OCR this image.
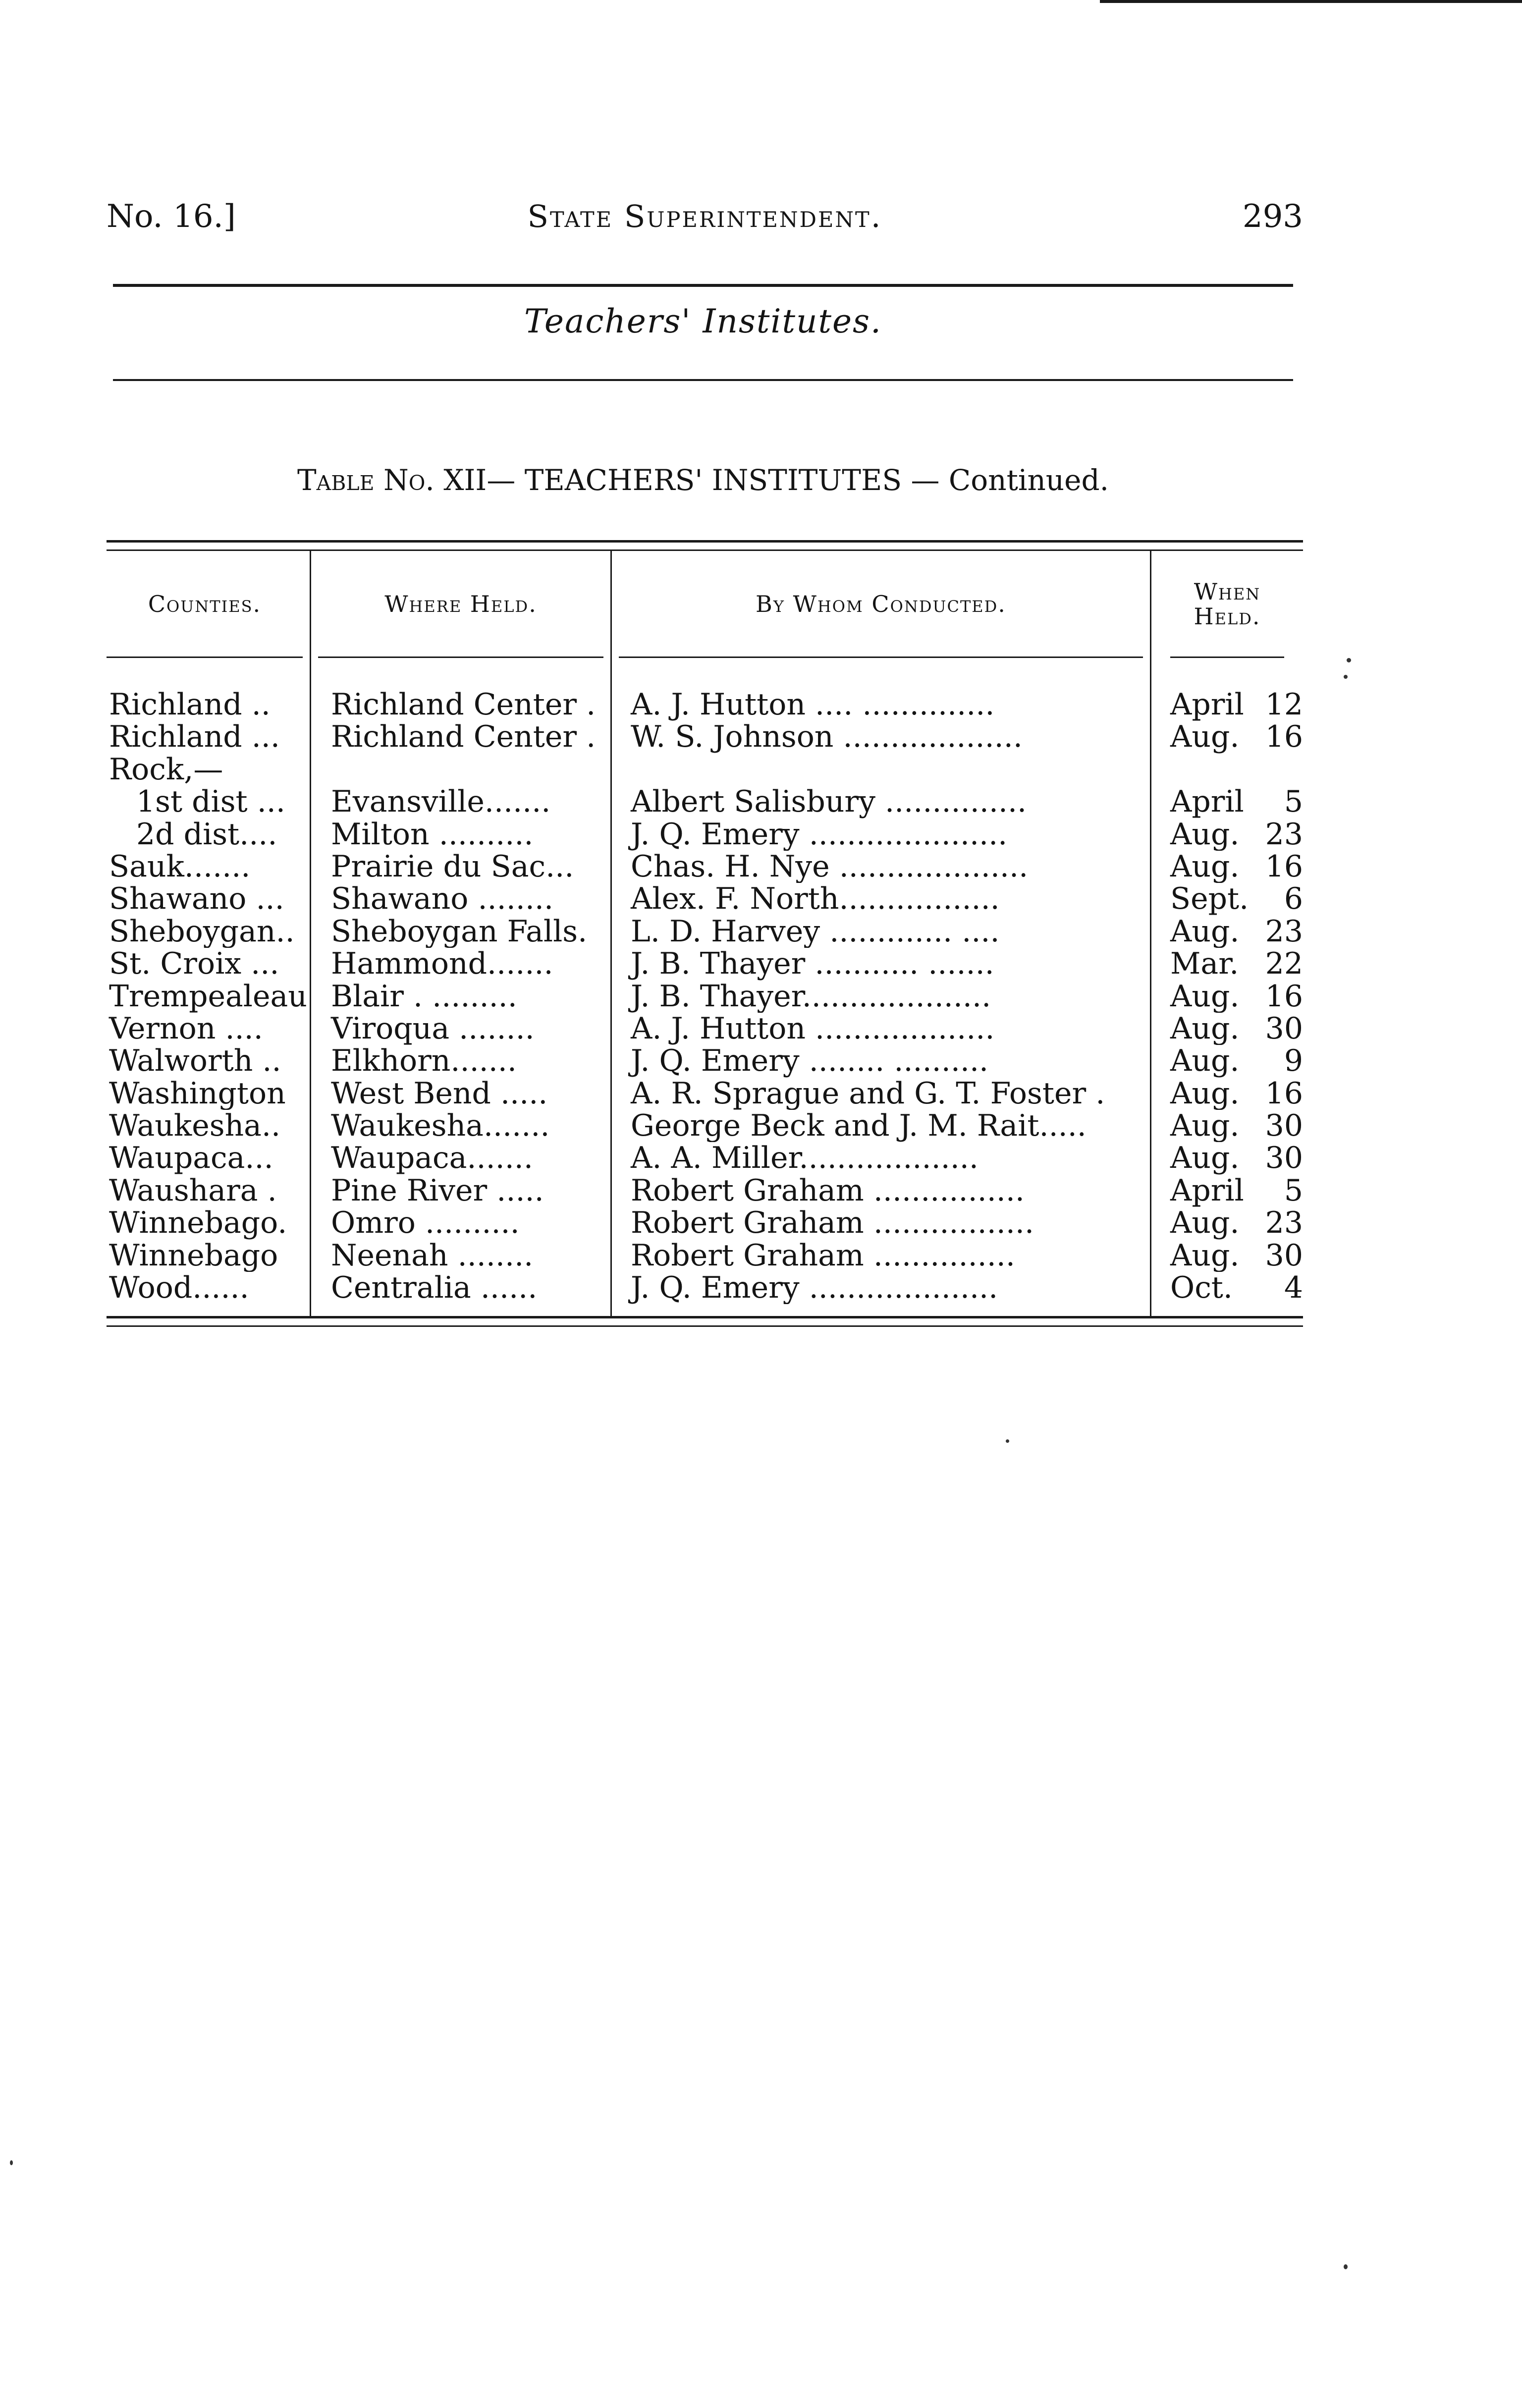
No. 16.]	State Superintendent.	293
Teachers' Institutes.
Table No. XII— TEACHERS' INSTITUTES — Continued.
Counties.
Richland ..
Richland ...
Rock,—
1st dist ...
2d dist....
Sauk.......
Shawano ...
Sheboygan..
St. Croix ...
Trempealeau
Vernon ....
Walworth ..
Washington
Waukesha..
Waupaca...
Waushara .
Winnebago.
Winnebago
Wood......
Where Held.
Richland Center .
Richland Center .
Evansville.......
Milton ..........
Prairie du Sac...
Shawano ........
Sheboygan Falls.
Hammond.......
Blair . .........
Viroqua ........
Elkhorn.......
West Bend .....
Waukesha.......
Waupaca.......
Pine River .....
Omro ..........
Neenah ........
Centralia ......
By Whom Conducted.
A. J. Hutton .... ..............
W. S. Johnson ...................
Albert Salisbury ...............
J. Q. Emery .....................
Chas. H. Nye ....................
Alex. F. North.................
L. D. Harvey ............. ....
J. B. Thayer ........... .......
J. B. Thayer....................
A. J. Hutton ...................
J. Q. Emery ........ ..........
A. R. Sprague and G. T. Foster .
George Beck and J. M. Rait.....
A. A. Miller...................
Robert Graham ................
Robert Graham .................
Robert Graham ...............
J. Q. Emery ....................
When Held.
April 12
Aug. 16
April 5
Aug. 23
Aug. 16
Sept. 6
Aug. 23
Mar. 22
Aug. 16
Aug. 30
Aug. 9
Aug. 16
Aug. 30
Aug. 30
April 5
Aug. 23
Aug. 30
Oct. 4
